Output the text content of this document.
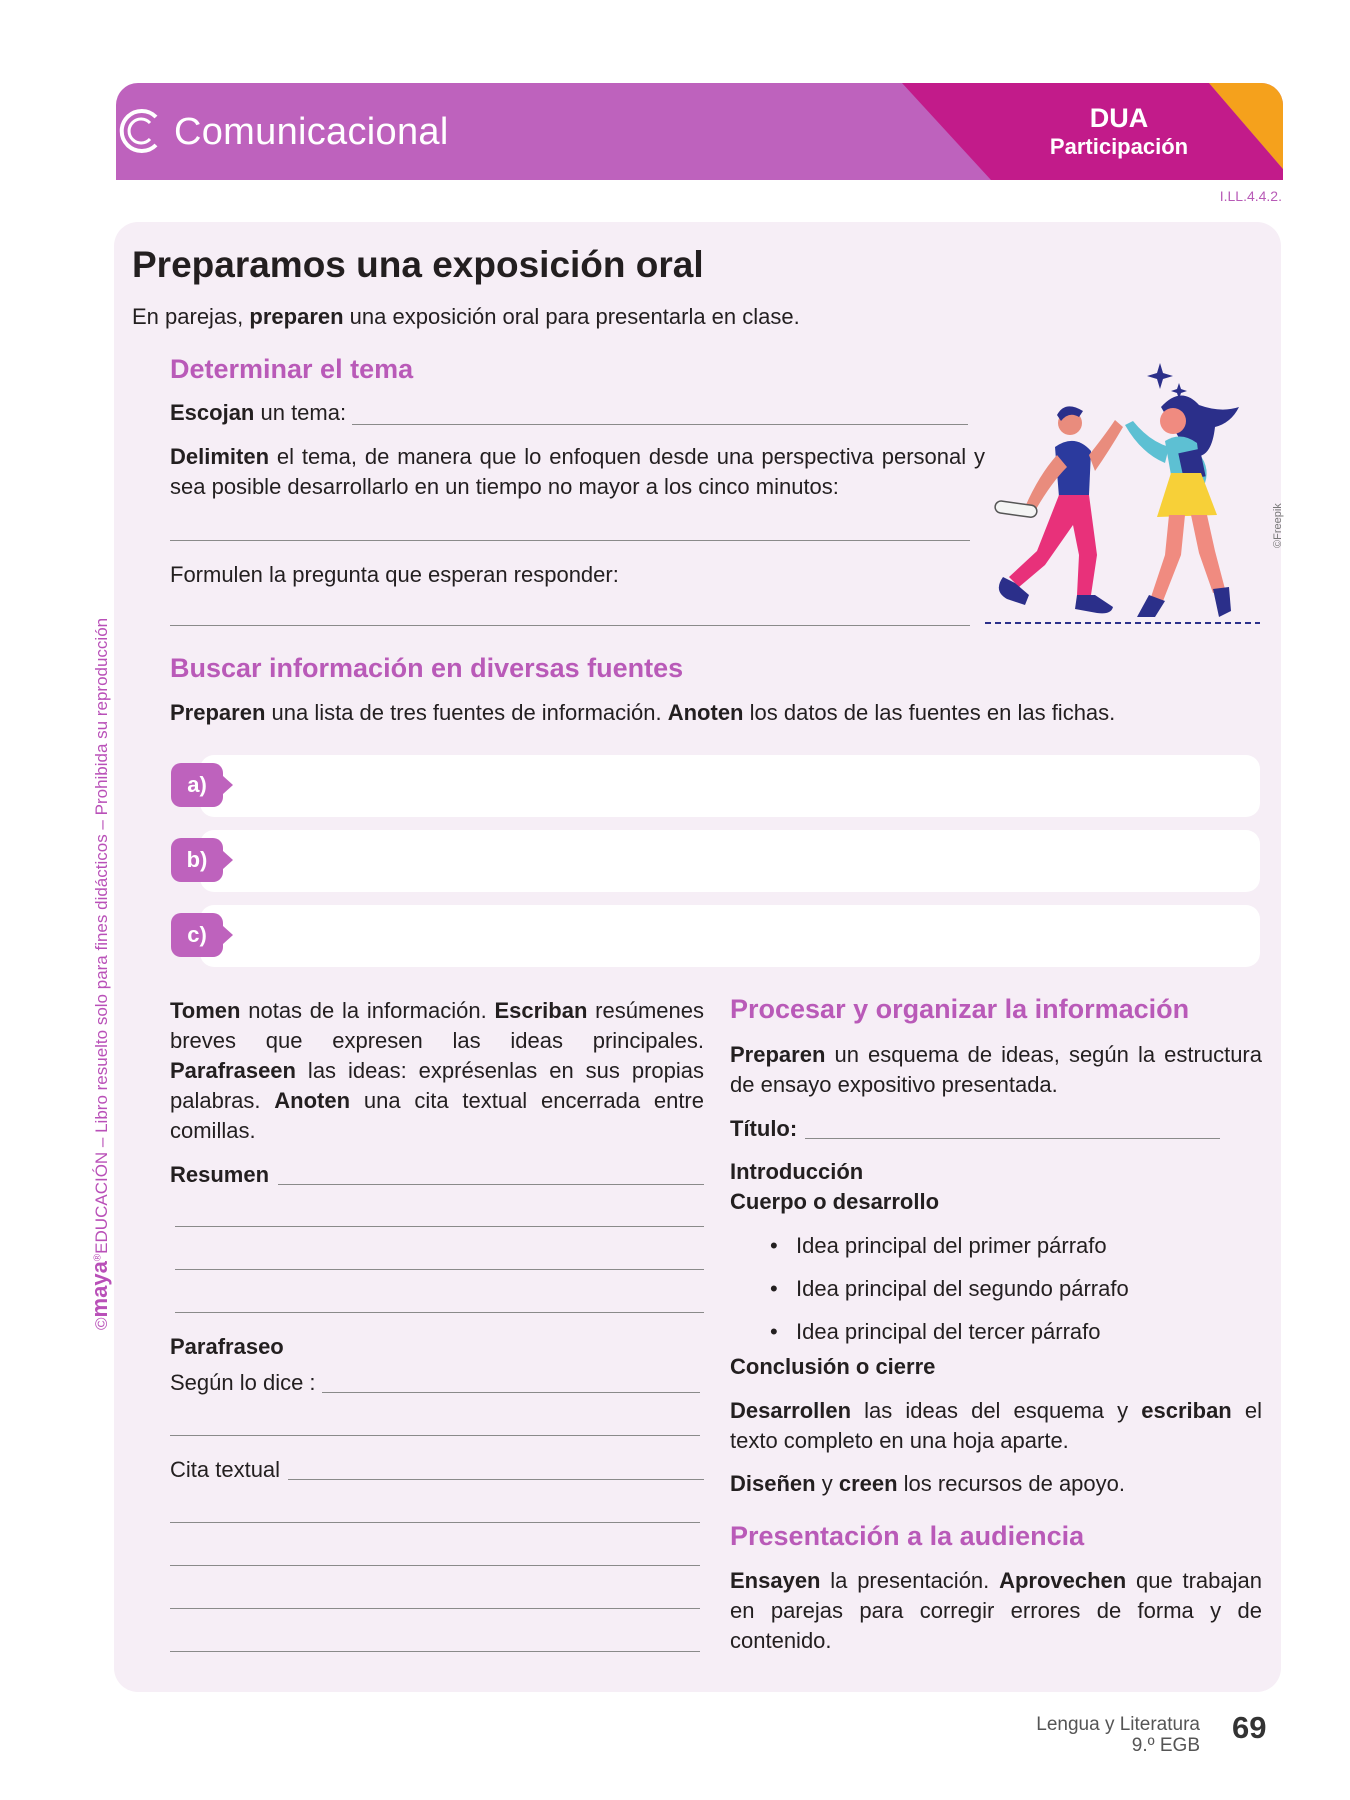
Comunicacional	DUA
Participación
I.LL.4.4.2.
©maya®EDUCACIÓN – Libro resuelto solo para fines didácticos – Prohibida su reproducción
Preparamos una exposición oral
En parejas, preparen una exposición oral para presentarla en clase.
Determinar el tema
Escojan un tema:
Delimiten el tema, de manera que lo enfoquen desde una perspectiva personal y sea posible desarrollarlo en un tiempo no mayor a los cinco minutos:
Formulen la pregunta que esperan responder:
©Freepik
Buscar información en diversas fuentes
Preparen una lista de tres fuentes de información. Anoten los datos de las fuentes en las fichas.
a)
b)
c)
Tomen notas de la información. Escriban resúmenes breves que expresen las ideas principales. Parafraseen las ideas: exprésenlas en sus propias palabras. Anoten una cita textual encerrada entre comillas.
Resumen
Parafraseo
Según lo dice :
Cita textual
Procesar y organizar la información
Preparen un esquema de ideas, según la estructura de ensayo expositivo presentada.
Título:
Introducción
Cuerpo o desarrollo
• Idea principal del primer párrafo
• Idea principal del segundo párrafo
• Idea principal del tercer párrafo
Conclusión o cierre
Desarrollen las ideas del esquema y escriban el texto completo en una hoja aparte.
Diseñen y creen los recursos de apoyo.
Presentación a la audiencia
Ensayen la presentación. Aprovechen que trabajan en parejas para corregir errores de forma y de contenido.
Lengua y Literatura
9.º EGB
69
